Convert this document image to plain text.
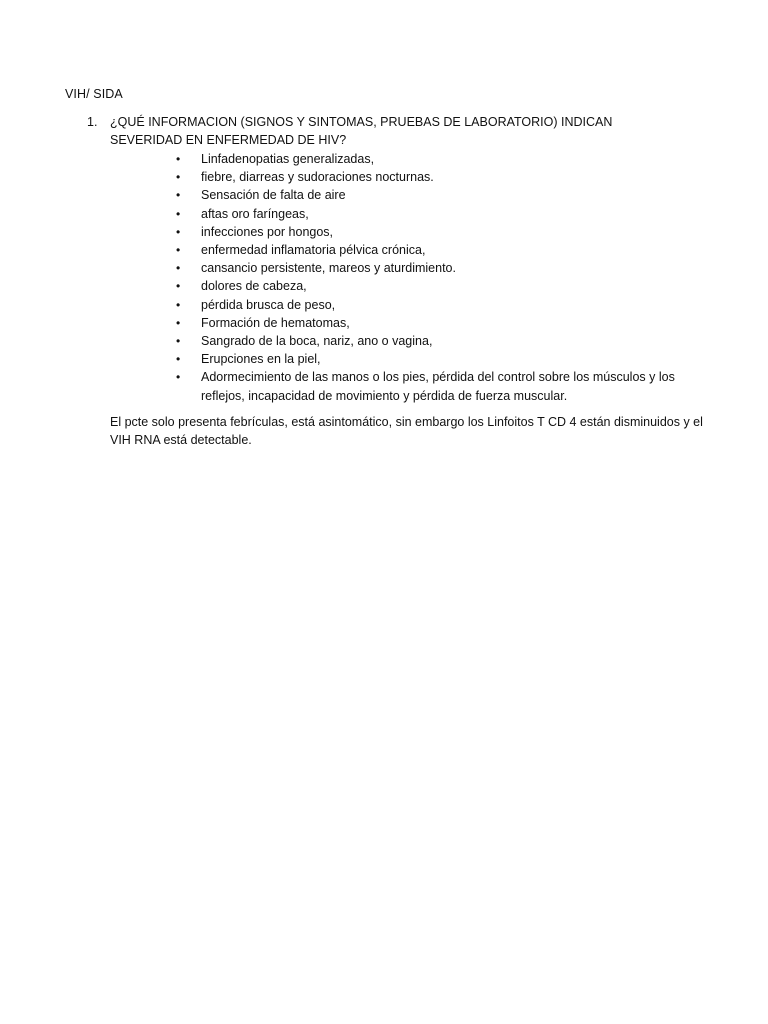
VIH/ SIDA
1. ¿QUÉ INFORMACION (SIGNOS Y SINTOMAS, PRUEBAS DE LABORATORIO) INDICAN SEVERIDAD EN ENFERMEDAD DE HIV?
• Linfadenopatias generalizadas,
• fiebre, diarreas y sudoraciones nocturnas.
• Sensación de falta de aire
• aftas oro faríngeas,
• infecciones por hongos,
• enfermedad inflamatoria pélvica crónica,
• cansancio persistente, mareos y aturdimiento.
• dolores de cabeza,
• pérdida brusca de peso,
• Formación de hematomas,
• Sangrado de la boca, nariz, ano o vagina,
• Erupciones en la piel,
• Adormecimiento de las manos o los pies, pérdida del control sobre los músculos y los reflejos, incapacidad de movimiento y pérdida de fuerza muscular.
El pcte solo presenta febrículas, está asintomático, sin embargo los Linfoitos T CD 4 están disminuidos y el VIH RNA está detectable.
